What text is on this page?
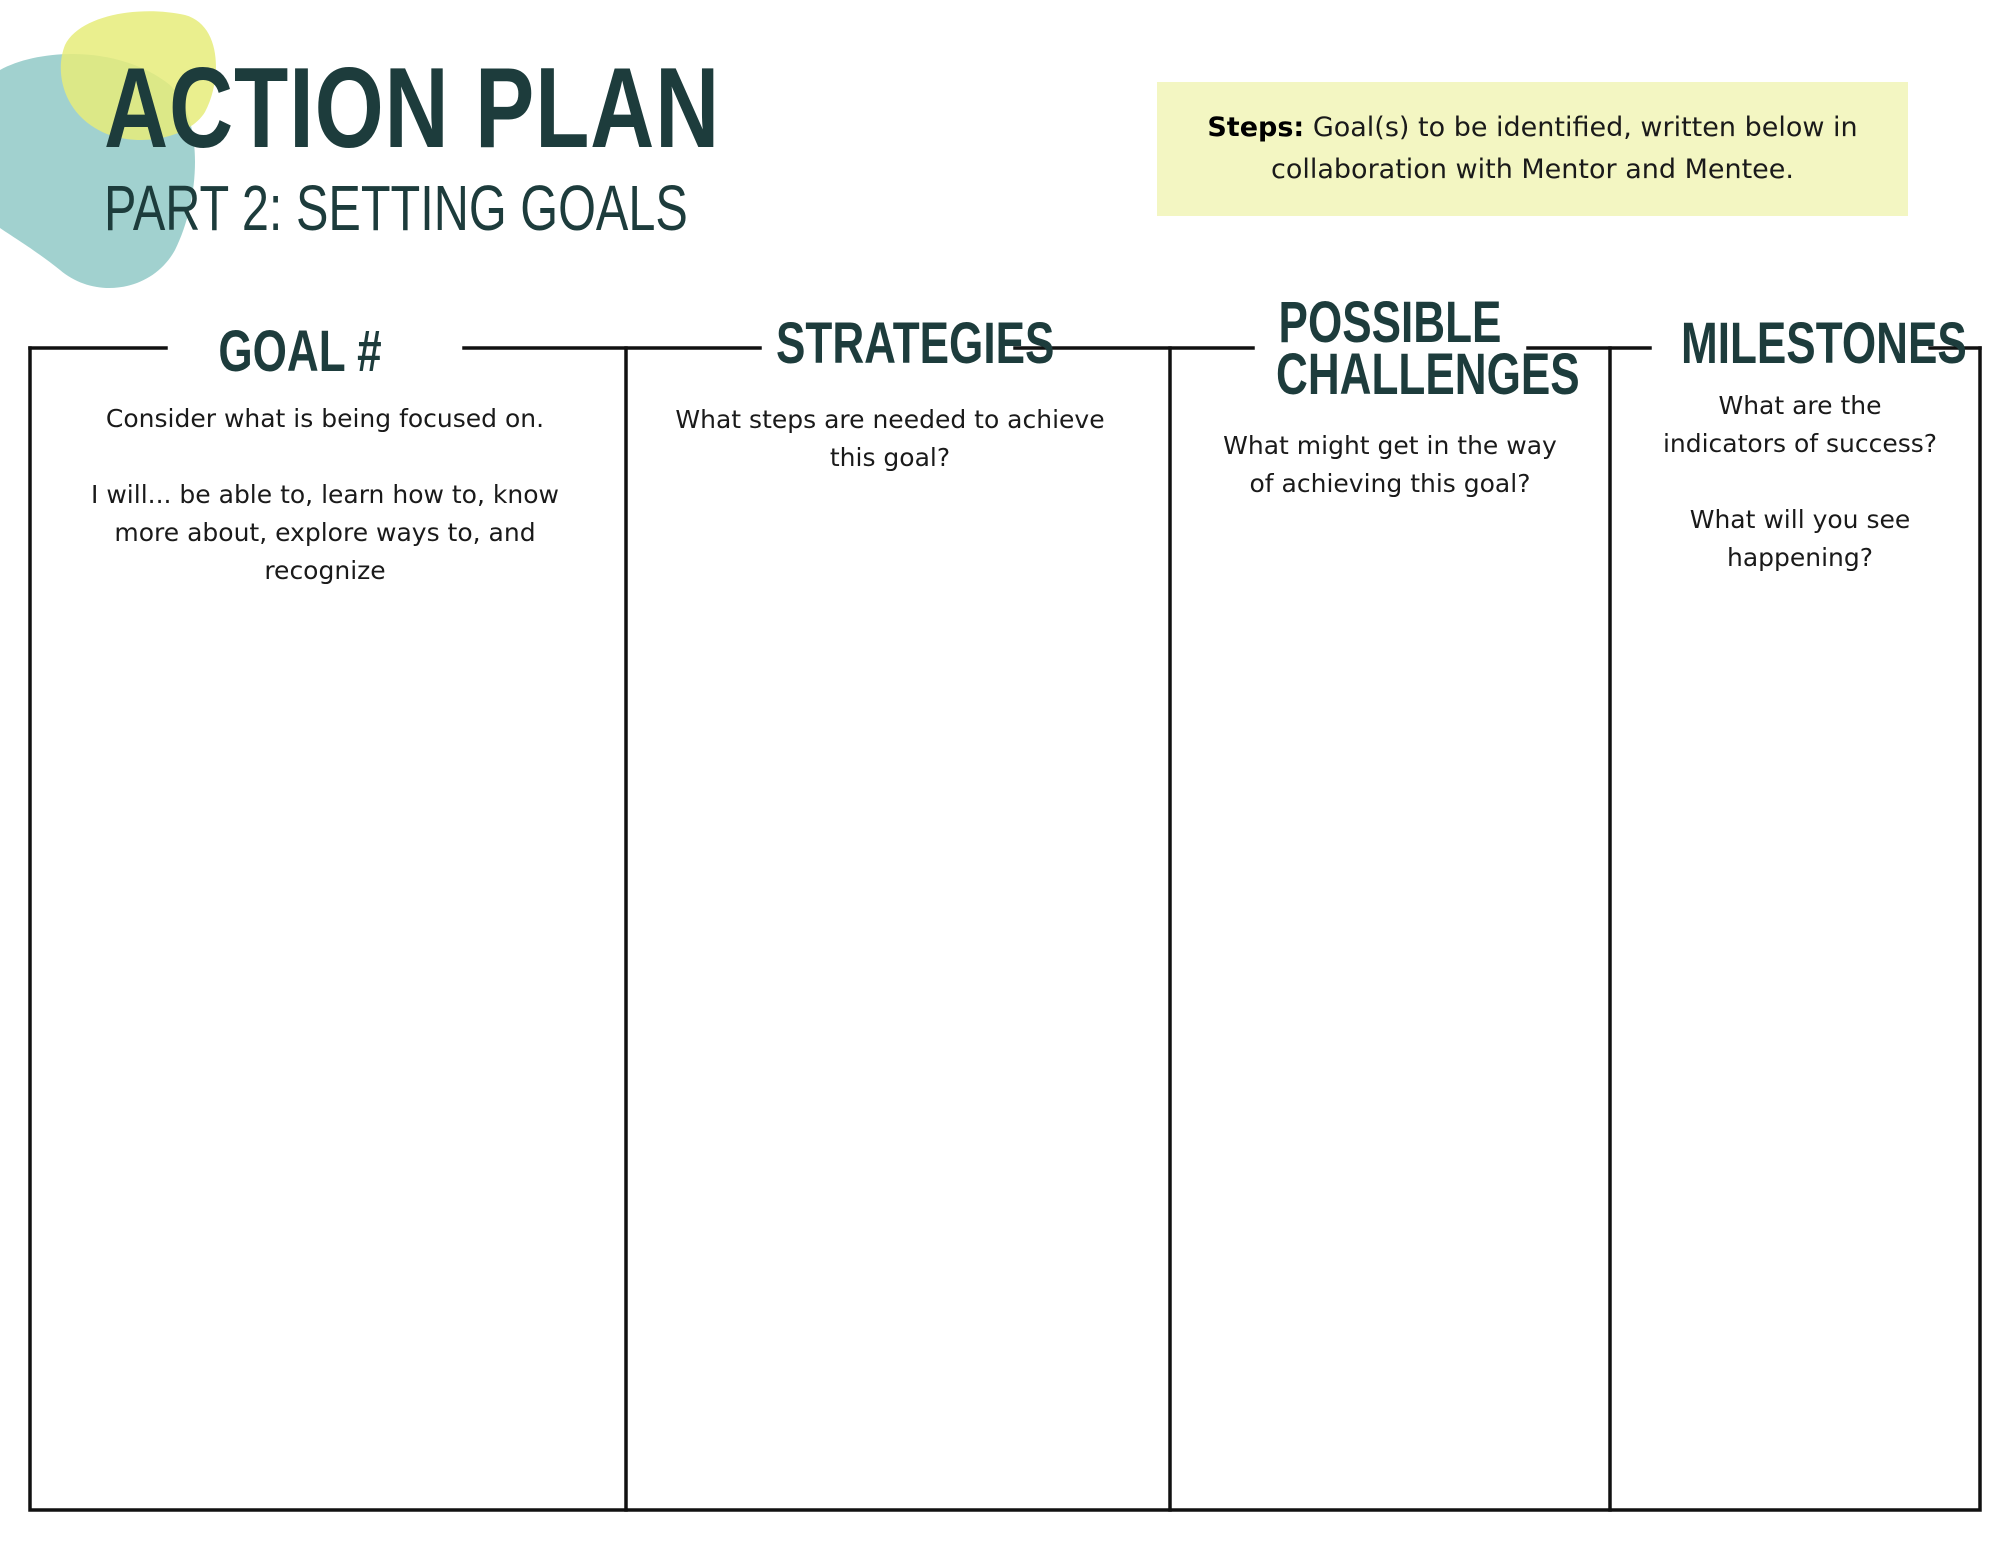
ACTION PLAN
PART 2: SETTING GOALS
Steps: Goal(s) to be identified, written below in collaboration with Mentor and Mentee.
GOAL #

Consider what is being focused on.

I will... be able to, learn how to, know more about, explore ways to, and recognize

STRATEGIES

What steps are needed to achieve this goal?

POSSIBLE
CHALLENGES

What might get in the way of achieving this goal?

MILESTONES

What are the indicators of success?

What will you see happening?
